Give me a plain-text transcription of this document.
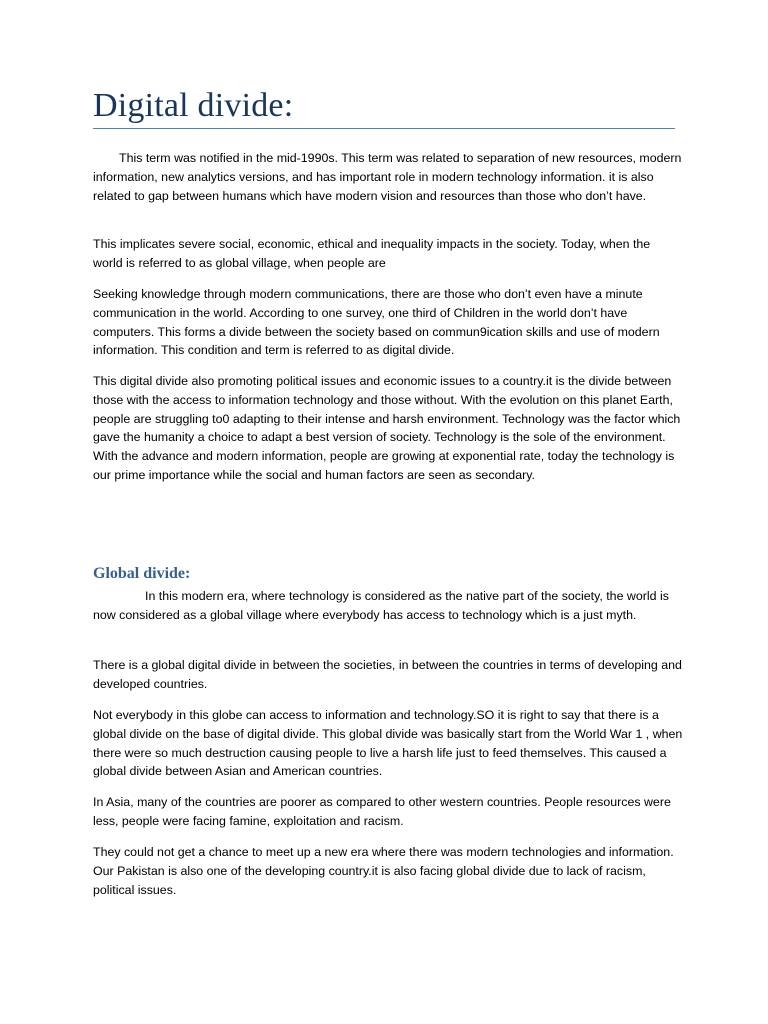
Digital divide:

This term was notified in the mid-1990s. This term was related to separation of new resources, modern information, new analytics versions, and has important role in modern technology information. it is also related to gap between humans which have modern vision and resources than those who don’t have.

This implicates severe social, economic, ethical and inequality impacts in the society. Today, when the world is referred to as global village, when people are

Seeking knowledge through modern communications, there are those who don’t even have a minute communication in the world. According to one survey, one third of Children in the world don’t have computers. This forms a divide between the society based on commun9ication skills and use of modern information. This condition and term is referred to as digital divide.

This digital divide also promoting political issues and economic issues to a country.it is the divide between those with the access to information technology and those without. With the evolution on this planet Earth, people are struggling to0 adapting to their intense and harsh environment. Technology was the factor which gave the humanity a choice to adapt a best version of society. Technology is the sole of the environment. With the advance and modern information, people are growing at exponential rate, today the technology is our prime importance while the social and human factors are seen as secondary.

Global divide:

In this modern era, where technology is considered as the native part of the society, the world is now considered as a global village where everybody has access to technology which is a just myth.

There is a global digital divide in between the societies, in between the countries in terms of developing and developed countries.

Not everybody in this globe can access to information and technology.SO it is right to say that there is a global divide on the base of digital divide. This global divide was basically start from the World War 1 , when there were so much destruction causing people to live a harsh life just to feed themselves. This caused a global divide between Asian and American countries.

In Asia, many of the countries are poorer as compared to other western countries. People resources were less, people were facing famine, exploitation and racism.

They could not get a chance to meet up a new era where there was modern technologies and information. Our Pakistan is also one of the developing country.it is also facing global divide due to lack of racism, political issues.
